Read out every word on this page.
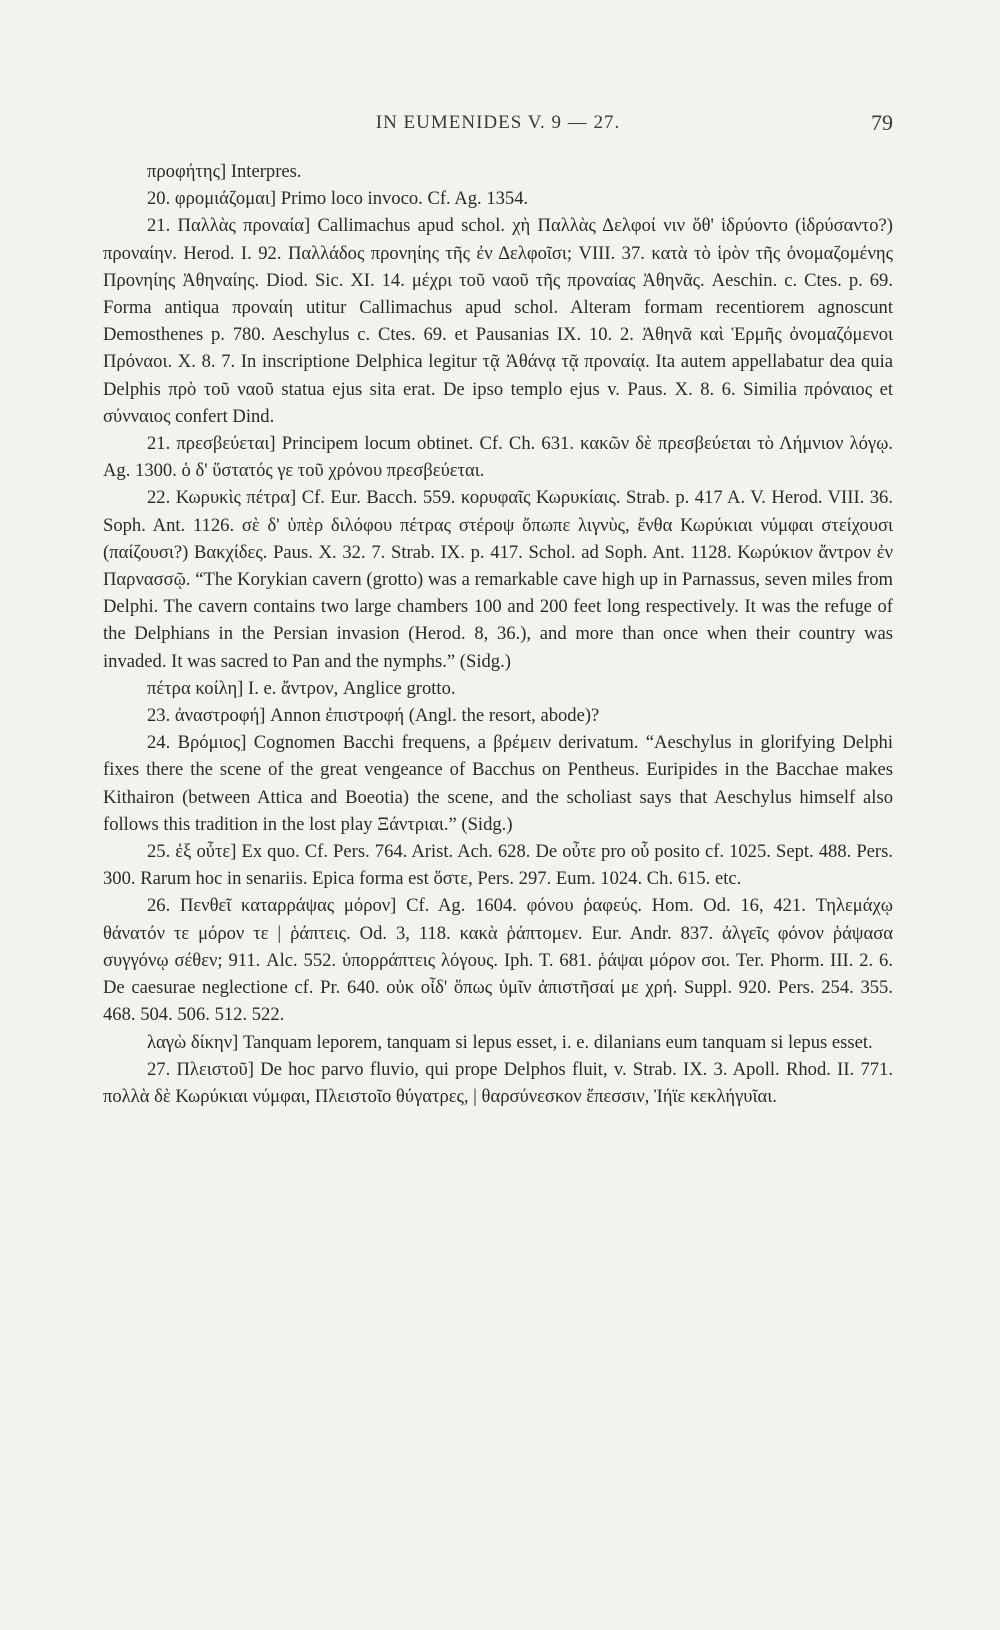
IN EUMENIDES V. 9 — 27.	79

προφήτης] Interpres.

20. φρομιάζομαι] Primo loco invoco. Cf. Ag. 1354.

21. Παλλὰς προναία] Callimachus apud schol. χὴ Παλλὰς Δελφοί νιν ὅθ' ἱδρύοντο (ἱδρύσαντο?) προναίην. Herod. I. 92. Παλλάδος προνηίης τῆς ἐν Δελφοῖσι; VIII. 37. κατὰ τὸ ἱρὸν τῆς ὀνομαζομένης Προνηίης Ἀθηναίης. Diod. Sic. XI. 14. μέχρι τοῦ ναοῦ τῆς προναίας Ἀθηνᾶς. Aeschin. c. Ctes. p. 69. Forma antiqua προναίη utitur Callimachus apud schol. Alteram formam recentiorem agnoscunt Demosthenes p. 780. Aeschylus c. Ctes. 69. et Pausanias IX. 10. 2. Ἀθηνᾶ καὶ Ἑρμῆς ὀνομαζόμενοι Πρόναοι. X. 8. 7. In inscriptione Delphica legitur τᾷ Ἀθάνᾳ τᾷ προναίᾳ. Ita autem appellabatur dea quia Delphis πρὸ τοῦ ναοῦ statua ejus sita erat. De ipso templo ejus v. Paus. X. 8. 6. Similia πρόναιος et σύνναιος confert Dind.

21. πρεσβεύεται] Principem locum obtinet. Cf. Ch. 631. κακῶν δὲ πρεσβεύεται τὸ Λήμνιον λόγῳ. Ag. 1300. ὁ δ' ὕστατός γε τοῦ χρόνου πρεσβεύεται.

22. Κωρυκὶς πέτρα] Cf. Eur. Bacch. 559. κορυφαῖς Κωρυκίαις. Strab. p. 417 A. V. Herod. VIII. 36. Soph. Ant. 1126. σὲ δ' ὑπὲρ διλόφου πέτρας στέροψ ὄπωπε λιγνὺς, ἔνθα Κωρύκιαι νύμφαι στείχουσι (παίζουσι?) Βακχίδες. Paus. X. 32. 7. Strab. IX. p. 417. Schol. ad Soph. Ant. 1128. Κωρύκιον ἄντρον ἐν Παρνασσῷ. “The Korykian cavern (grotto) was a remarkable cave high up in Parnassus, seven miles from Delphi. The cavern contains two large chambers 100 and 200 feet long respectively. It was the refuge of the Delphians in the Persian invasion (Herod. 8, 36.), and more than once when their country was invaded. It was sacred to Pan and the nymphs.” (Sidg.)

πέτρα κοίλη] I. e. ἄντρον, Anglice grotto.

23. ἀναστροφή] Annon ἐπιστροφή (Angl. the resort, abode)?

24. Βρόμιος] Cognomen Bacchi frequens, a βρέμειν derivatum. “Aeschylus in glorifying Delphi fixes there the scene of the great vengeance of Bacchus on Pentheus. Euripides in the Bacchae makes Kithairon (between Attica and Boeotia) the scene, and the scholiast says that Aeschylus himself also follows this tradition in the lost play Ξάντριαι.” (Sidg.)

25. ἐξ οὖτε] Ex quo. Cf. Pers. 764. Arist. Ach. 628. De οὖτε pro οὗ posito cf. 1025. Sept. 488. Pers. 300. Rarum hoc in senariis. Epica forma est ὅστε, Pers. 297. Eum. 1024. Ch. 615. etc.

26. Πενθεῖ καταρράψας μόρον] Cf. Ag. 1604. φόνου ῥαφεύς. Hom. Od. 16, 421. Τηλεμάχῳ θάνατόν τε μόρον τε | ῥάπτεις. Od. 3, 118. κακὰ ῥάπτομεν. Eur. Andr. 837. ἀλγεῖς φόνον ῥάψασα συγγόνῳ σέθεν; 911. Alc. 552. ὑπορράπτεις λόγους. Iph. T. 681. ῥάψαι μόρον σοι. Ter. Phorm. III. 2. 6. De caesurae neglectione cf. Pr. 640. οὐκ οἶδ' ὅπως ὑμῖν ἀπιστῆσαί με χρή. Suppl. 920. Pers. 254. 355. 468. 504. 506. 512. 522.

λαγὼ δίκην] Tanquam leporem, tanquam si lepus esset, i. e. dilanians eum tanquam si lepus esset.

27. Πλειστοῦ] De hoc parvo fluvio, qui prope Delphos fluit, v. Strab. IX. 3. Apoll. Rhod. II. 771. πολλὰ δὲ Κωρύκιαι νύμφαι, Πλειστοῖο θύγατρες, | θαρσύνεσκον ἔπεσσιν, Ἰήϊε κεκλήγυῖαι.
